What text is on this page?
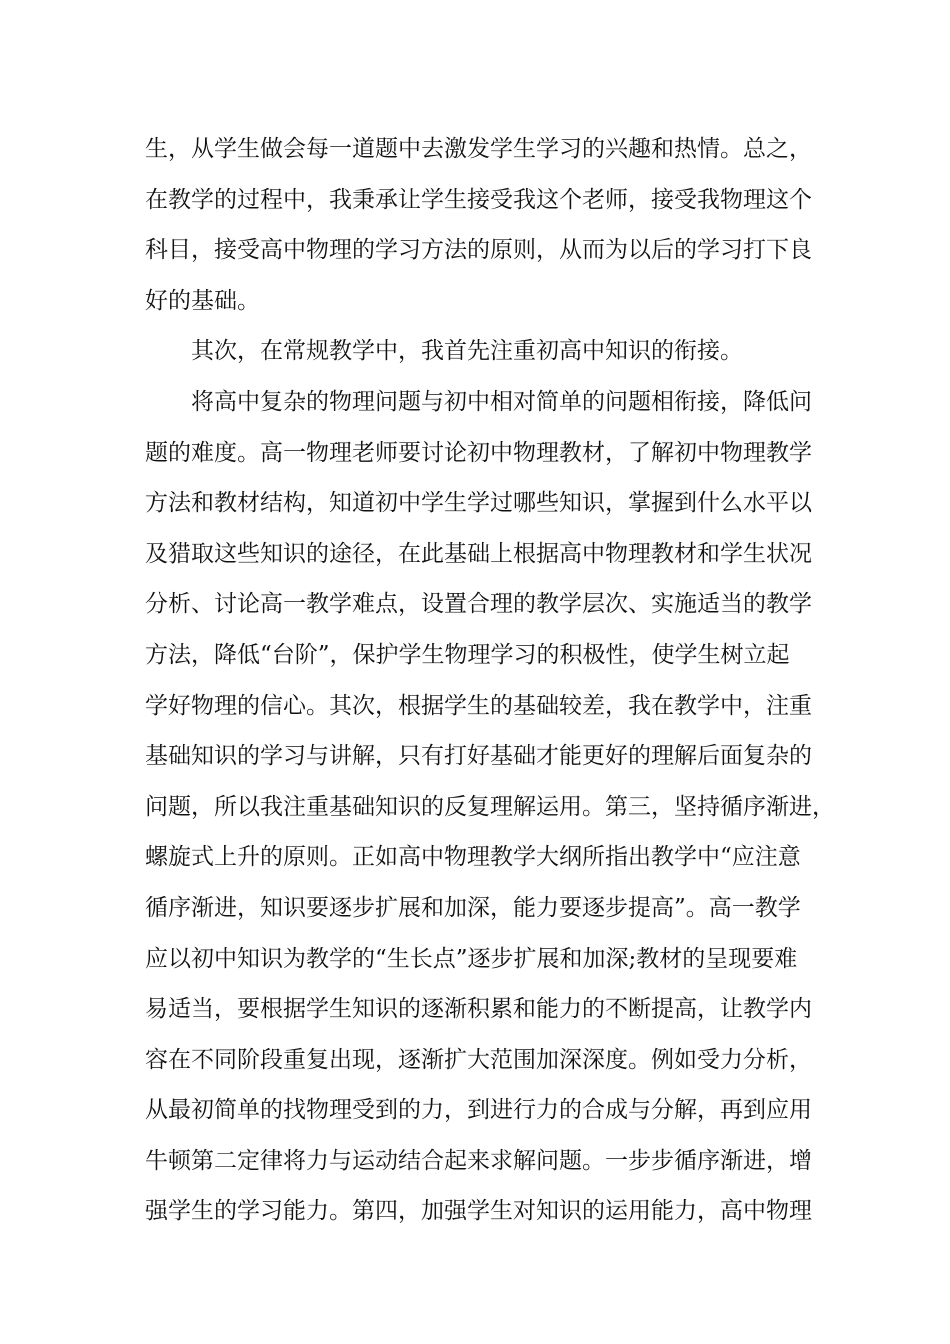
生，从学生做会每一道题中去激发学生学习的兴趣和热情。总之，
在教学的过程中，我秉承让学生接受我这个老师，接受我物理这个
科目，接受高中物理的学习方法的原则，从而为以后的学习打下良
好的基础。
其次，在常规教学中，我首先注重初高中知识的衔接。
将高中复杂的物理问题与初中相对简单的问题相衔接，降低问
题的难度。高一物理老师要讨论初中物理教材，了解初中物理教学
方法和教材结构，知道初中学生学过哪些知识，掌握到什么水平以
及猎取这些知识的途径，在此基础上根据高中物理教材和学生状况
分析、讨论高一教学难点，设置合理的教学层次、实施适当的教学
方法，降低“台阶”，保护学生物理学习的积极性，使学生树立起
学好物理的信心。其次，根据学生的基础较差，我在教学中，注重
基础知识的学习与讲解，只有打好基础才能更好的理解后面复杂的
问题，所以我注重基础知识的反复理解运用。第三，坚持循序渐进，
螺旋式上升的原则。正如高中物理教学大纲所指出教学中“应注意
循序渐进，知识要逐步扩展和加深，能力要逐步提高”。高一教学
应以初中知识为教学的“生长点”逐步扩展和加深;教材的呈现要难
易适当，要根据学生知识的逐渐积累和能力的不断提高，让教学内
容在不同阶段重复出现，逐渐扩大范围加深深度。例如受力分析，
从最初简单的找物理受到的力，到进行力的合成与分解，再到应用
牛顿第二定律将力与运动结合起来求解问题。一步步循序渐进，增
强学生的学习能力。第四，加强学生对知识的运用能力，高中物理
